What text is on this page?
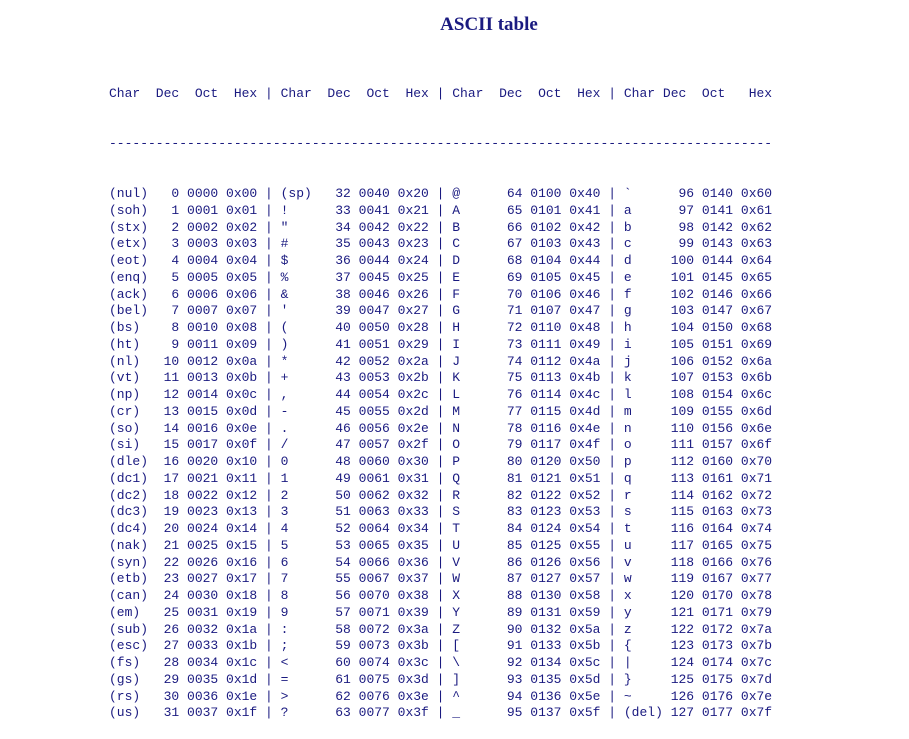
ASCII table

Char  Dec  Oct  Hex | Char  Dec  Oct  Hex | Char  Dec  Oct  Hex | Char Dec  Oct   Hex

-------------------------------------------------------------------------------------

(nul)   0 0000 0x00 | (sp)   32 0040 0x20 | @      64 0100 0x40 | `      96 0140 0x60
(soh)   1 0001 0x01 | !      33 0041 0x21 | A      65 0101 0x41 | a      97 0141 0x61
(stx)   2 0002 0x02 | "      34 0042 0x22 | B      66 0102 0x42 | b      98 0142 0x62
(etx)   3 0003 0x03 | #      35 0043 0x23 | C      67 0103 0x43 | c      99 0143 0x63
(eot)   4 0004 0x04 | $      36 0044 0x24 | D      68 0104 0x44 | d     100 0144 0x64
(enq)   5 0005 0x05 | %      37 0045 0x25 | E      69 0105 0x45 | e     101 0145 0x65
(ack)   6 0006 0x06 | &      38 0046 0x26 | F      70 0106 0x46 | f     102 0146 0x66
(bel)   7 0007 0x07 | '      39 0047 0x27 | G      71 0107 0x47 | g     103 0147 0x67
(bs)    8 0010 0x08 | (      40 0050 0x28 | H      72 0110 0x48 | h     104 0150 0x68
(ht)    9 0011 0x09 | )      41 0051 0x29 | I      73 0111 0x49 | i     105 0151 0x69
(nl)   10 0012 0x0a | *      42 0052 0x2a | J      74 0112 0x4a | j     106 0152 0x6a
(vt)   11 0013 0x0b | +      43 0053 0x2b | K      75 0113 0x4b | k     107 0153 0x6b
(np)   12 0014 0x0c | ,      44 0054 0x2c | L      76 0114 0x4c | l     108 0154 0x6c
(cr)   13 0015 0x0d | -      45 0055 0x2d | M      77 0115 0x4d | m     109 0155 0x6d
(so)   14 0016 0x0e | .      46 0056 0x2e | N      78 0116 0x4e | n     110 0156 0x6e
(si)   15 0017 0x0f | /      47 0057 0x2f | O      79 0117 0x4f | o     111 0157 0x6f
(dle)  16 0020 0x10 | 0      48 0060 0x30 | P      80 0120 0x50 | p     112 0160 0x70
(dc1)  17 0021 0x11 | 1      49 0061 0x31 | Q      81 0121 0x51 | q     113 0161 0x71
(dc2)  18 0022 0x12 | 2      50 0062 0x32 | R      82 0122 0x52 | r     114 0162 0x72
(dc3)  19 0023 0x13 | 3      51 0063 0x33 | S      83 0123 0x53 | s     115 0163 0x73
(dc4)  20 0024 0x14 | 4      52 0064 0x34 | T      84 0124 0x54 | t     116 0164 0x74
(nak)  21 0025 0x15 | 5      53 0065 0x35 | U      85 0125 0x55 | u     117 0165 0x75
(syn)  22 0026 0x16 | 6      54 0066 0x36 | V      86 0126 0x56 | v     118 0166 0x76
(etb)  23 0027 0x17 | 7      55 0067 0x37 | W      87 0127 0x57 | w     119 0167 0x77
(can)  24 0030 0x18 | 8      56 0070 0x38 | X      88 0130 0x58 | x     120 0170 0x78
(em)   25 0031 0x19 | 9      57 0071 0x39 | Y      89 0131 0x59 | y     121 0171 0x79
(sub)  26 0032 0x1a | :      58 0072 0x3a | Z      90 0132 0x5a | z     122 0172 0x7a
(esc)  27 0033 0x1b | ;      59 0073 0x3b | [      91 0133 0x5b | {     123 0173 0x7b
(fs)   28 0034 0x1c | <      60 0074 0x3c | \      92 0134 0x5c | |     124 0174 0x7c
(gs)   29 0035 0x1d | =      61 0075 0x3d | ]      93 0135 0x5d | }     125 0175 0x7d
(rs)   30 0036 0x1e | >      62 0076 0x3e | ^      94 0136 0x5e | ~     126 0176 0x7e
(us)   31 0037 0x1f | ?      63 0077 0x3f | _      95 0137 0x5f | (del) 127 0177 0x7f
